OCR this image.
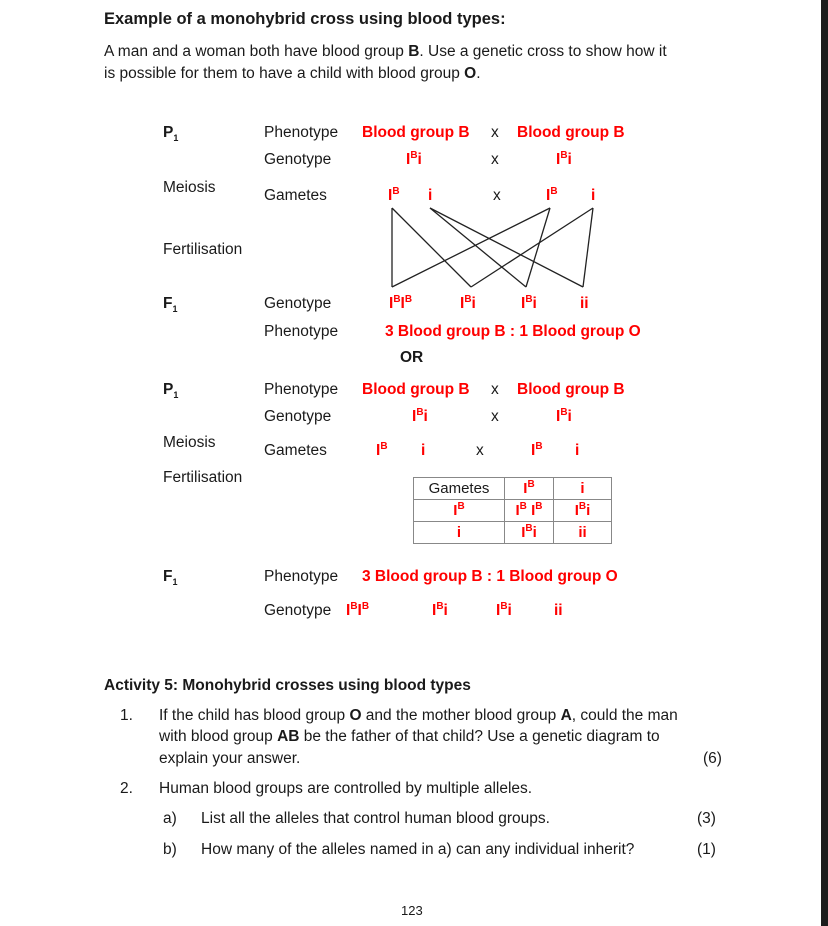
Example of a monohybrid cross using blood types:
A man and a woman both have blood group B. Use a genetic cross to show how it
is possible for them to have a child with blood group O.
$P_1$	Phenotype Blood group B x Blood group B
Genotype	$I^Bi$	x	$I^Bi$
Meiosis	Gametes	$I^B$ i	x	$I^B$ i
Fertilisation
$F_1$	Genotype	$I^BI^B$	$I^Bi$	$I^Bi$	ii
Phenotype	3 Blood group B : 1 Blood group O
OR
$P_1$	Phenotype Blood group B x Blood group B
Genotype	$I^Bi$	x	$I^Bi$
Meiosis	Gametes	$I^B$ i	x	$I^B$ i
Fertilisation
Gametes	$I^B$	i
$I^B$	$I^B$ $I^B$	$I^Bi$
i	$I^Bi$	ii
$F_1$	Phenotype 3 Blood group B : 1 Blood group O
Genotype $I^BI^B$	$I^Bi$	$I^Bi$	ii
Activity 5: Monohybrid crosses using blood types
1. If the child has blood group O and the mother blood group A, could the man
with blood group AB be the father of that child? Use a genetic diagram to
explain your answer.	(6)
2. Human blood groups are controlled by multiple alleles.
a) List all the alleles that control human blood groups.	(3)
b) How many of the alleles named in a) can any individual inherit?	(1)
123
